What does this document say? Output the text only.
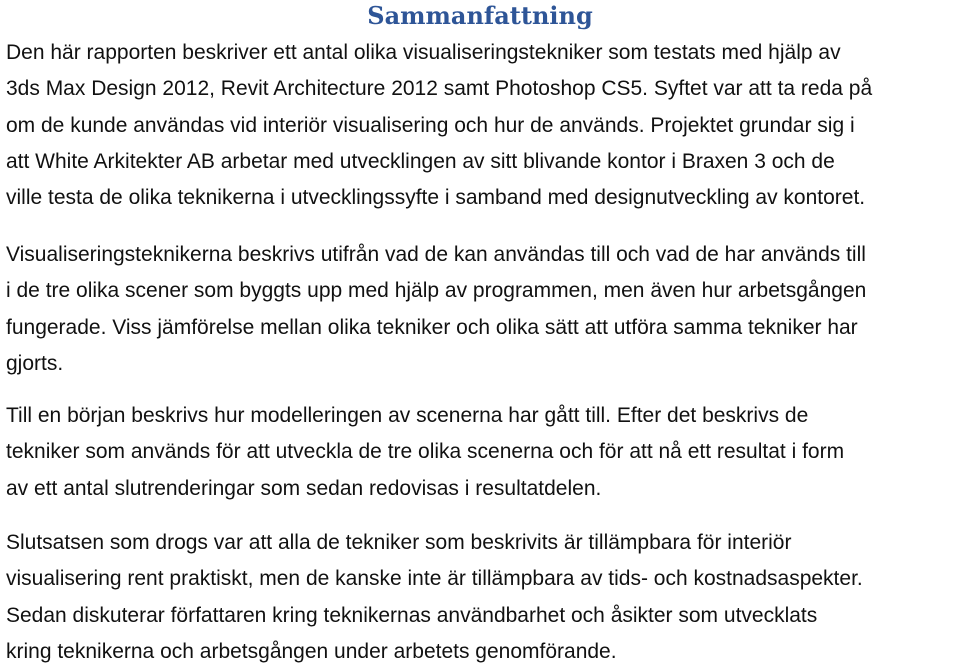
Sammanfattning

Den här rapporten beskriver ett antal olika visualiseringstekniker som testats med hjälp av
3ds Max Design 2012, Revit Architecture 2012 samt Photoshop CS5. Syftet var att ta reda på
om de kunde användas vid interiör visualisering och hur de används. Projektet grundar sig i
att White Arkitekter AB arbetar med utvecklingen av sitt blivande kontor i Braxen 3 och de
ville testa de olika teknikerna i utvecklingssyfte i samband med designutveckling av kontoret.

Visualiseringsteknikerna beskrivs utifrån vad de kan användas till och vad de har används till
i de tre olika scener som byggts upp med hjälp av programmen, men även hur arbetsgången
fungerade. Viss jämförelse mellan olika tekniker och olika sätt att utföra samma tekniker har
gjorts.

Till en början beskrivs hur modelleringen av scenerna har gått till. Efter det beskrivs de
tekniker som används för att utveckla de tre olika scenerna och för att nå ett resultat i form
av ett antal slutrenderingar som sedan redovisas i resultatdelen.

Slutsatsen som drogs var att alla de tekniker som beskrivits är tillämpbara för interiör
visualisering rent praktiskt, men de kanske inte är tillämpbara av tids- och kostnadsaspekter.
Sedan diskuterar författaren kring teknikernas användbarhet och åsikter som utvecklats
kring teknikerna och arbetsgången under arbetets genomförande.
